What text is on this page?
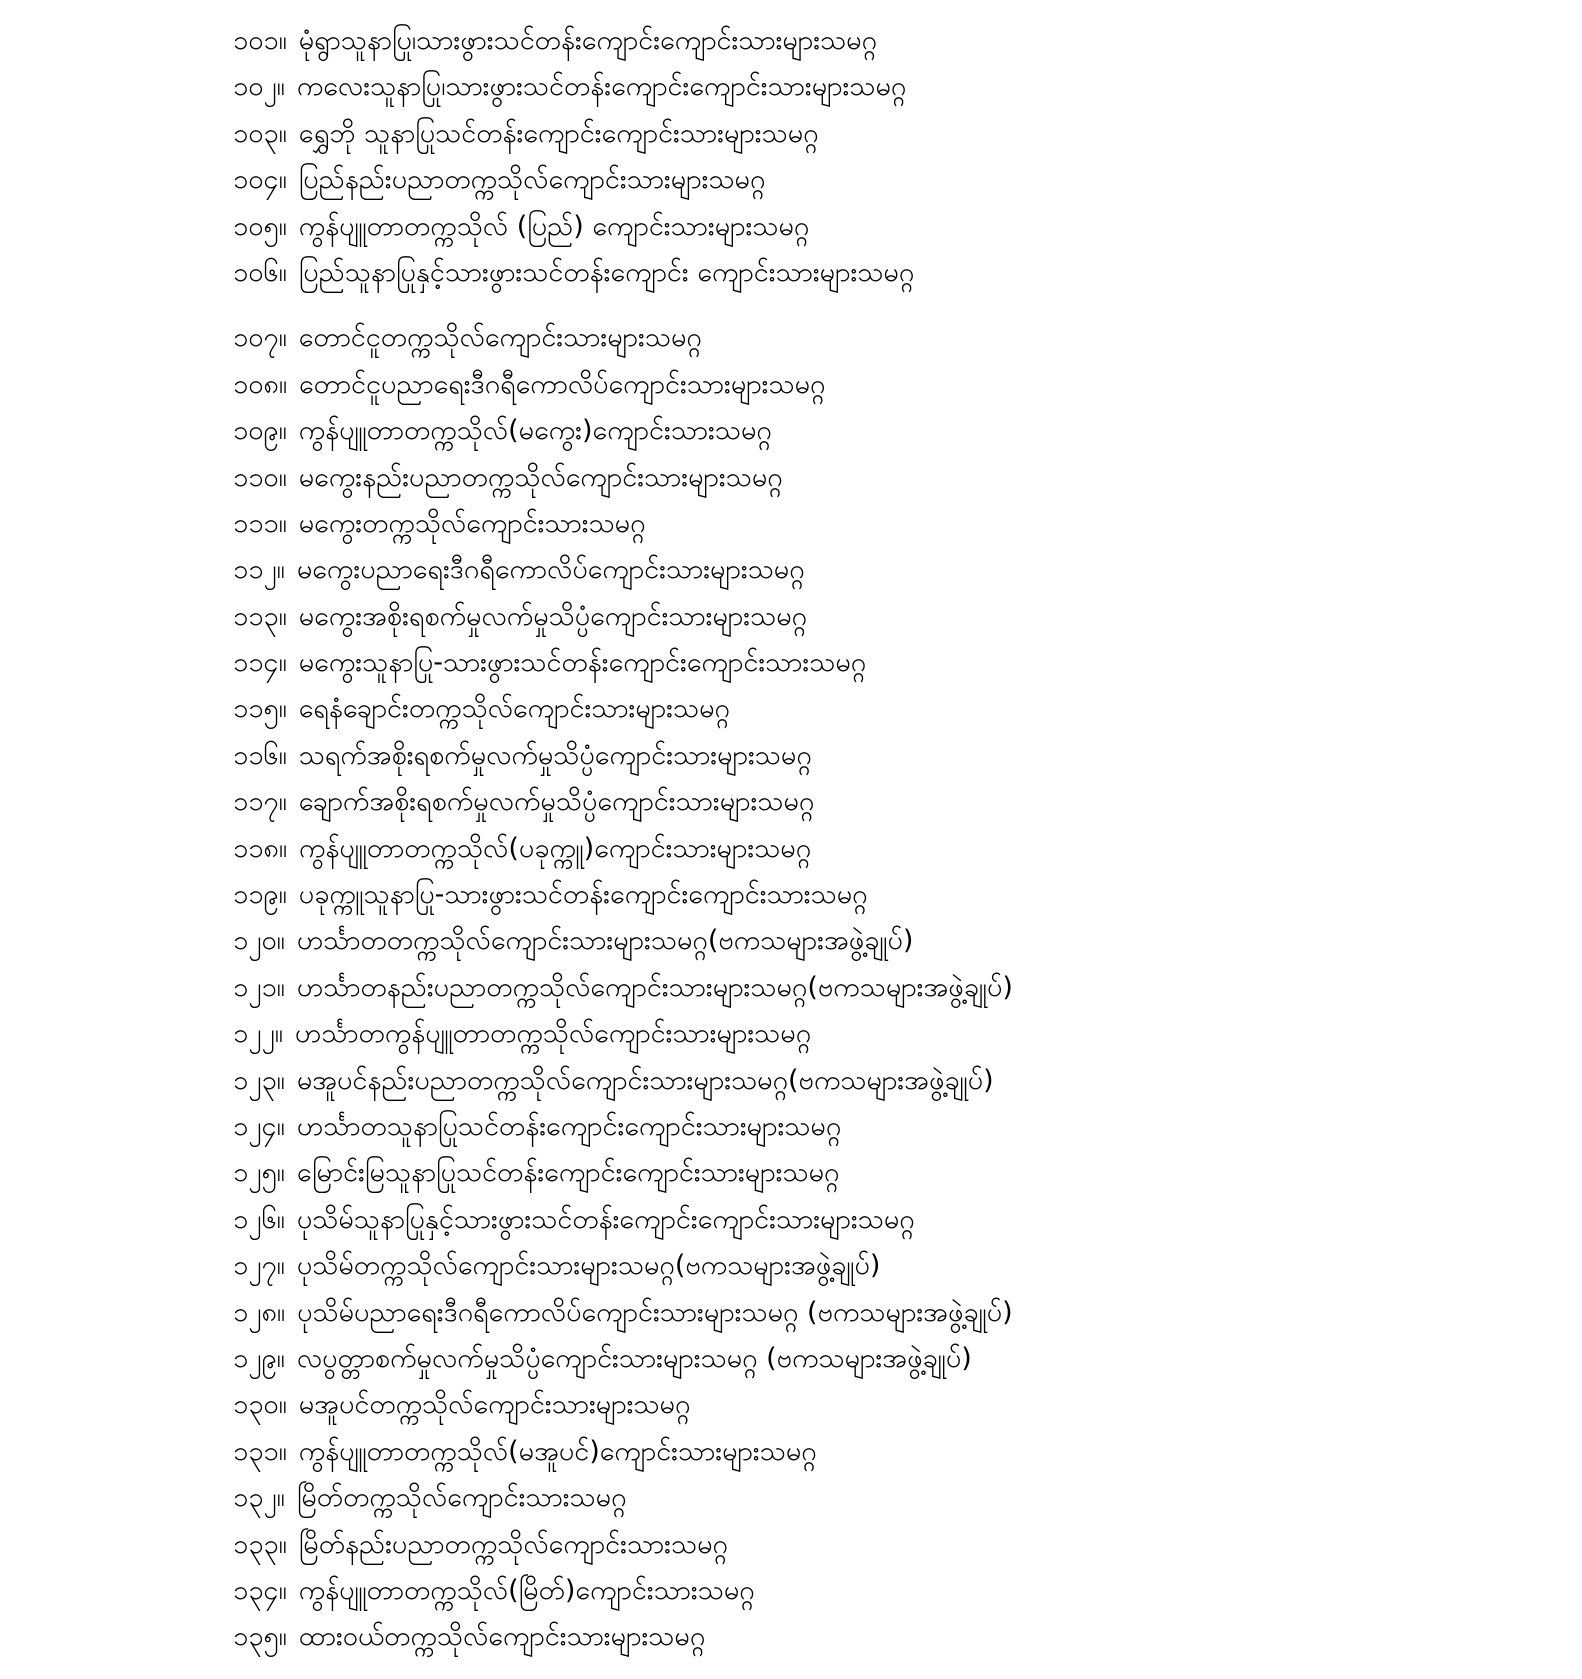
၁၀၁။ မုံရွာသူနာပြု၊သားဖွားသင်တန်းကျောင်းကျောင်းသားများသမဂ္ဂ
၁၀၂။ ကလေးသူနာပြု၊သားဖွားသင်တန်းကျောင်းကျောင်းသားများသမဂ္ဂ
၁၀၃။ ရွှေဘို သူနာပြုသင်တန်းကျောင်းကျောင်းသားများသမဂ္ဂ
၁၀၄။ ပြည်နည်းပညာတက္ကသိုလ်ကျောင်းသားများသမဂ္ဂ
၁၀၅။ ကွန်ပျူတာတက္ကသိုလ် (ပြည်) ကျောင်းသားများသမဂ္ဂ
၁၀၆။ ပြည်သူနာပြုနှင့်သားဖွားသင်တန်းကျောင်း ကျောင်းသားများသမဂ္ဂ
၁၀၇။ တောင်ငူတက္ကသိုလ်ကျောင်းသားများသမဂ္ဂ
၁၀၈။ တောင်ငူပညာရေးဒီဂရီကောလိပ်ကျောင်းသားများသမဂ္ဂ
၁၀၉။ ကွန်ပျူတာတက္ကသိုလ်(မကွေး)ကျောင်းသားသမဂ္ဂ
၁၁၀။ မကွေးနည်းပညာတက္ကသိုလ်ကျောင်းသားများသမဂ္ဂ
၁၁၁။ မကွေးတက္ကသိုလ်ကျောင်းသားသမဂ္ဂ
၁၁၂။ မကွေးပညာရေးဒီဂရီကောလိပ်ကျောင်းသားများသမဂ္ဂ
၁၁၃။ မကွေးအစိုးရစက်မှုလက်မှုသိပ္ပံကျောင်းသားများသမဂ္ဂ
၁၁၄။ မကွေးသူနာပြု-သားဖွားသင်တန်းကျောင်းကျောင်းသားသမဂ္ဂ
၁၁၅။ ရေနံချောင်းတက္ကသိုလ်ကျောင်းသားများသမဂ္ဂ
၁၁၆။ သရက်အစိုးရစက်မှုလက်မှုသိပ္ပံကျောင်းသားများသမဂ္ဂ
၁၁၇။ ချောက်အစိုးရစက်မှုလက်မှုသိပ္ပံကျောင်းသားများသမဂ္ဂ
၁၁၈။ ကွန်ပျူတာတက္ကသိုလ်(ပခုက္ကူ)ကျောင်းသားများသမဂ္ဂ
၁၁၉။ ပခုက္ကူသူနာပြု-သားဖွားသင်တန်းကျောင်းကျောင်းသားသမဂ္ဂ
၁၂၀။ ဟင်္သာတတက္ကသိုလ်ကျောင်းသားများသမဂ္ဂ(ဗကသများအဖွဲ့ချုပ်)
၁၂၁။ ဟင်္သာတနည်းပညာတက္ကသိုလ်ကျောင်းသားများသမဂ္ဂ(ဗကသများအဖွဲ့ချုပ်)
၁၂၂။ ဟင်္သာတကွန်ပျူတာတက္ကသိုလ်ကျောင်းသားများသမဂ္ဂ
၁၂၃။ မအူပင်နည်းပညာတက္ကသိုလ်ကျောင်းသားများသမဂ္ဂ(ဗကသများအဖွဲ့ချုပ်)
၁၂၄။ ဟင်္သာတသူနာပြုသင်တန်းကျောင်းကျောင်းသားများသမဂ္ဂ
၁၂၅။ မြောင်းမြသူနာပြုသင်တန်းကျောင်းကျောင်းသားများသမဂ္ဂ
၁၂၆။ ပုသိမ်သူနာပြုနှင့်သားဖွားသင်တန်းကျောင်းကျောင်းသားများသမဂ္ဂ
၁၂၇။ ပုသိမ်တက္ကသိုလ်ကျောင်းသားများသမဂ္ဂ(ဗကသများအဖွဲ့ချုပ်)
၁၂၈။ ပုသိမ်ပညာရေးဒီဂရီကောလိပ်ကျောင်းသားများသမဂ္ဂ (ဗကသများအဖွဲ့ချုပ်)
၁၂၉။ လပွတ္တာစက်မှုလက်မှုသိပ္ပံကျောင်းသားများသမဂ္ဂ (ဗကသများအဖွဲ့ချုပ်)
၁၃၀။ မအူပင်တက္ကသိုလ်ကျောင်းသားများသမဂ္ဂ
၁၃၁။ ကွန်ပျူတာတက္ကသိုလ်(မအူပင်)ကျောင်းသားများသမဂ္ဂ
၁၃၂။ မြိတ်တက္ကသိုလ်ကျောင်းသားသမဂ္ဂ
၁၃၃။ မြိတ်နည်းပညာတက္ကသိုလ်ကျောင်းသားသမဂ္ဂ
၁၃၄။ ကွန်ပျူတာတက္ကသိုလ်(မြိတ်)ကျောင်းသားသမဂ္ဂ
၁၃၅။ ထားဝယ်တက္ကသိုလ်ကျောင်းသားများသမဂ္ဂ
